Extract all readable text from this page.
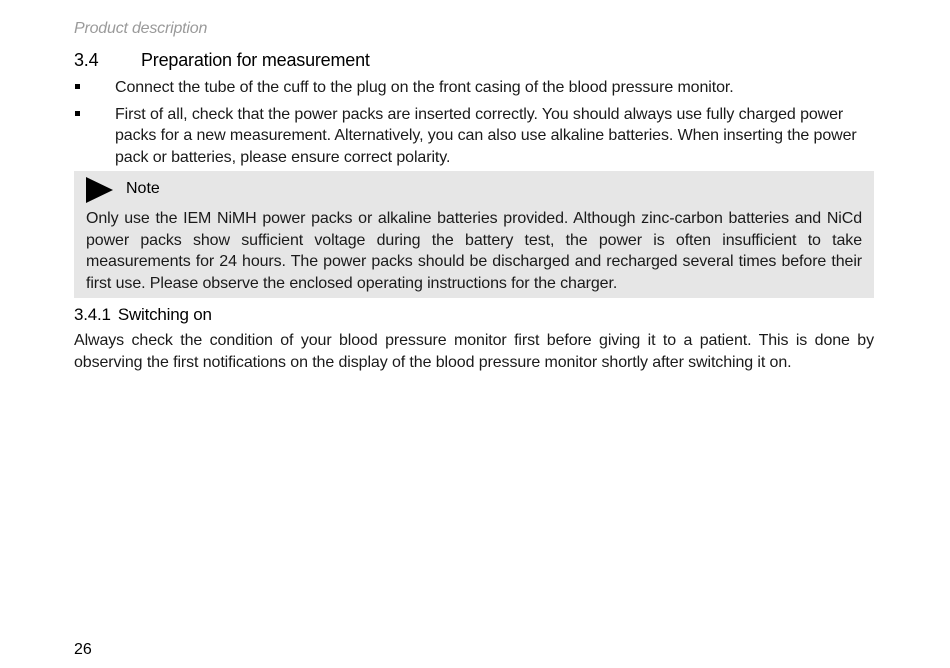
Product description
3.4 Preparation for measurement
Connect the tube of the cuff to the plug on the front casing of the blood pressure monitor.
First of all, check that the power packs are inserted correctly. You should always use fully charged power packs for a new measurement. Alternatively, you can also use alkaline batteries. When inserting the power pack or batteries, please ensure correct polarity.
Note
Only use the IEM NiMH power packs or alkaline batteries provided. Although zinc-carbon batteries and NiCd power packs show sufficient voltage during the battery test, the power is often insufficient to take measurements for 24 hours. The power packs should be discharged and recharged several times before their first use. Please observe the enclosed operating instructions for the charger.
3.4.1 Switching on
Always check the condition of your blood pressure monitor first before giving it to a patient. This is done by observing the first notifications on the display of the blood pressure monitor shortly after switching it on.
26
